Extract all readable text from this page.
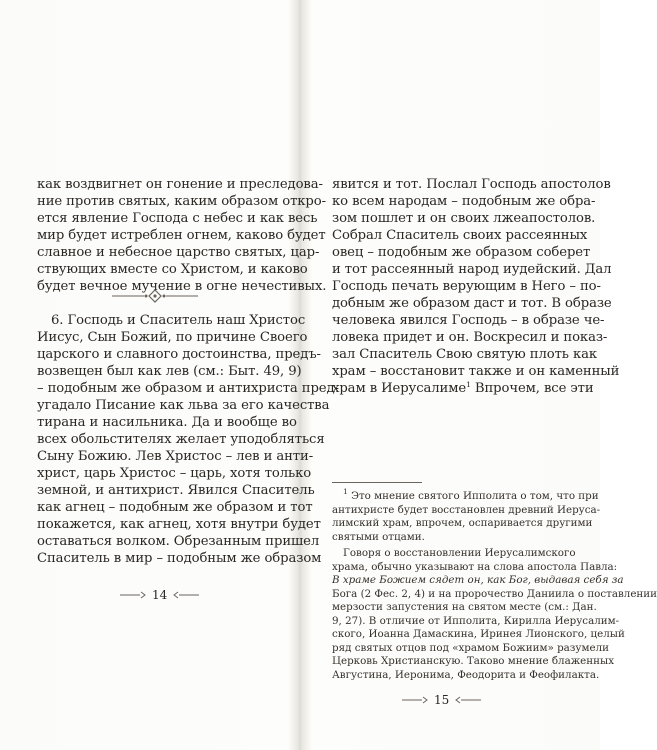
как воздвигнет он гонение и преследова-
ние против святых, каким образом откро-
ется явление Господа с небес и как весь
мир будет истреблен огнем, каково будет
славное и небесное царство святых, цар-
ствующих вместе со Христом, и каково
будет вечное мучение в огне нечестивых.
6. Господь и Спаситель наш Христос
Иисус, Сын Божий, по причине Своего
царского и славного достоинства, предъ-
возвещен был как лев (см.: Быт. 49, 9)
– подобным же образом и антихриста пред-
угадало Писание как льва за его качества
тирана и насильника. Да и вообще во
всех обольстителях желает уподобляться
Сыну Божию. Лев Христос – лев и анти-
христ, царь Христос – царь, хотя только
земной, и антихрист. Явился Спаситель
как агнец – подобным же образом и тот
покажется, как агнец, хотя внутри будет
оставаться волком. Обрезанным пришел
Спаситель в мир – подобным же образом
14
явится и тот. Послал Господь апостолов
ко всем народам – подобным же обра-
зом пошлет и он своих лжеапостолов.
Собрал Спаситель своих рассеянных
овец – подобным же образом соберет
и тот рассеянный народ иудейский. Дал
Господь печать верующим в Него – по-
добным же образом даст и тот. В образе
человека явился Господь – в образе че-
ловека придет и он. Воскресил и показ-
зал Спаситель Свою святую плоть как
храм – восстановит также и он каменный
храм в Иерусалиме$^1$ Впрочем, все эти
$^1$ Это мнение святого Ипполита о том, что при
антихристе будет восстановлен древний Иеруса-
лимский храм, впрочем, оспаривается другими
святыми отцами.
Говоря о восстановлении Иерусалимского
храма, обычно указывают на слова апостола Павла:
В храме Божием сядет он, как Бог, выдавая себя за
Бога (2 Фес. 2, 4) и на пророчество Даниила о поставлении
мерзости запустения на святом месте (см.: Дан.
9, 27). В отличие от Ипполита, Кирилла Иерусалим-
ского, Иоанна Дамаскина, Иринея Лионского, целый
ряд святых отцов под «храмом Божиим» разумели
Церковь Христианскую. Таково мнение блаженных
Августина, Иеронима, Феодорита и Феофилакта.
15
